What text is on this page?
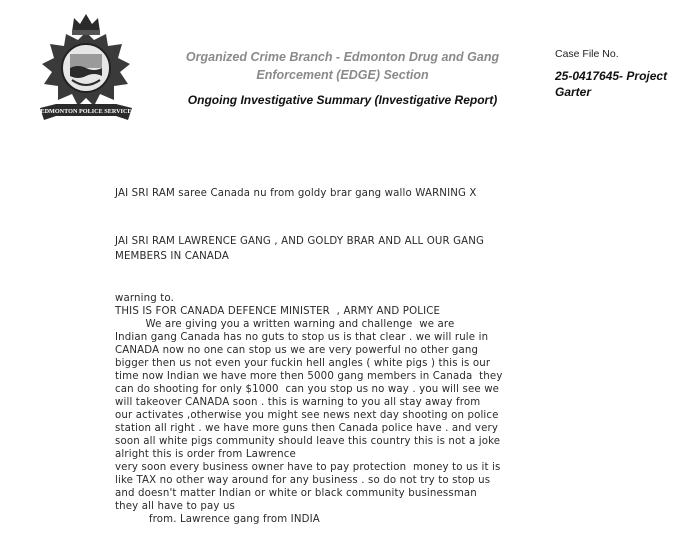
EDMONTON POLICE SERVICE
Organized Crime Branch - Edmonton Drug and Gang
Enforcement (EDGE) Section
Ongoing Investigative Summary (Investigative Report)
Case File No.
25-0417645- Project
Garter
JAI SRI RAM saree Canada nu from goldy brar gang wallo WARNING X
JAI SRI RAM LAWRENCE GANG , AND GOLDY BRAR AND ALL OUR GANG
MEMBERS IN CANADA
warning to.
THIS IS FOR CANADA DEFENCE MINISTER  , ARMY AND POLICE
We are giving you a written warning and challenge  we are
Indian gang Canada has no guts to stop us is that clear . we will rule in
CANADA now no one can stop us we are very powerful no other gang
bigger then us not even your fuckin hell angles ( white pigs ) this is our
time now Indian we have more then 5000 gang members in Canada  they
can do shooting for only $1000  can you stop us no way . you will see we
will takeover CANADA soon . this is warning to you all stay away from
our activates ,otherwise you might see news next day shooting on police
station all right . we have more guns then Canada police have . and very
soon all white pigs community should leave this country this is not a joke
alright this is order from Lawrence
very soon every business owner have to pay protection  money to us it is
like TAX no other way around for any business . so do not try to stop us
and doesn't matter Indian or white or black community businessman
they all have to pay us
from. Lawrence gang from INDIA
